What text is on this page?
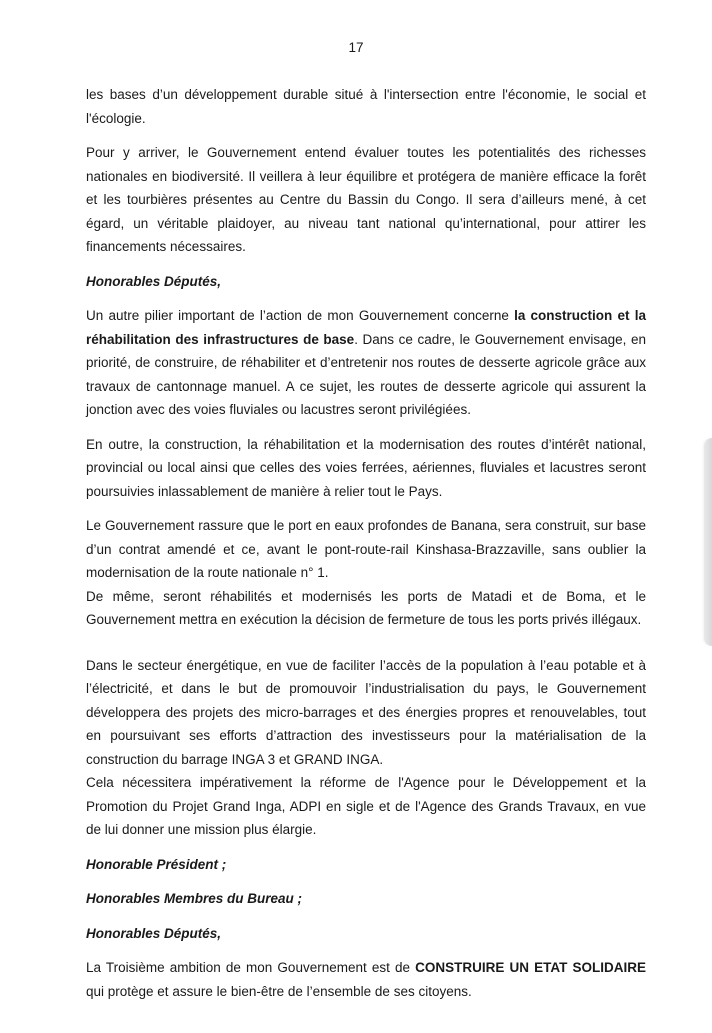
17

les bases d’un développement durable situé à l'intersection entre l'économie, le social et l'écologie.

Pour y arriver, le Gouvernement entend évaluer toutes les potentialités des richesses nationales en biodiversité. Il veillera à leur équilibre et protégera de manière efficace la forêt et les tourbières présentes au Centre du Bassin du Congo. Il sera d’ailleurs mené, à cet égard, un véritable plaidoyer, au niveau tant national qu’international, pour attirer les financements nécessaires.

Honorables Députés,

Un autre pilier important de l’action de mon Gouvernement concerne la construction et la réhabilitation des infrastructures de base. Dans ce cadre, le Gouvernement envisage, en priorité, de construire, de réhabiliter et d’entretenir nos routes de desserte agricole grâce aux travaux de cantonnage manuel. A ce sujet, les routes de desserte agricole qui assurent la jonction avec des voies fluviales ou lacustres seront privilégiées.

En outre, la construction, la réhabilitation et la modernisation des routes d’intérêt national, provincial ou local ainsi que celles des voies ferrées, aériennes, fluviales et lacustres seront poursuivies inlassablement de manière à relier tout le Pays.

Le Gouvernement rassure que le port en eaux profondes de Banana, sera construit, sur base d’un contrat amendé et ce, avant le pont-route-rail Kinshasa-Brazzaville, sans oublier la modernisation de la route nationale n° 1.

De même, seront réhabilités et modernisés les ports de Matadi et de Boma, et le Gouvernement mettra en exécution la décision de fermeture de tous les ports privés illégaux.

Dans le secteur énergétique, en vue de faciliter l’accès de la population à l’eau potable et à l’électricité, et dans le but de promouvoir l’industrialisation du pays, le Gouvernement développera des projets des micro-barrages et des énergies propres et renouvelables, tout en poursuivant ses efforts d’attraction des investisseurs pour la matérialisation de la construction du barrage INGA 3 et GRAND INGA.

Cela nécessitera impérativement la réforme de l'Agence pour le Développement et la Promotion du Projet Grand Inga, ADPI en sigle et de l'Agence des Grands Travaux, en vue de lui donner une mission plus élargie.

Honorable Président ;

Honorables Membres du Bureau ;

Honorables Députés,

La Troisième ambition de mon Gouvernement est de CONSTRUIRE UN ETAT SOLIDAIRE qui protège et assure le bien-être de l’ensemble de ses citoyens.
